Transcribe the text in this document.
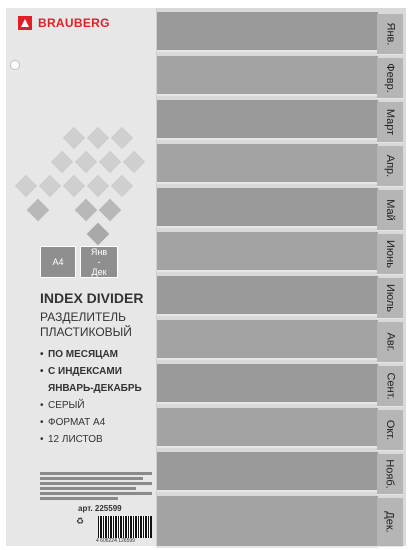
Янв.
Февр.
Март
Апр.
Май
Июнь
Июль
Авг.
Сент.
Окт.
Нояб.
Дек.
BRAUBERG
А4
Янв
-
Дек
INDEX DIVIDER
РАЗДЕЛИТЕЛЬ ПЛАСТИКОВЫЙ
• ПО МЕСЯЦАМ
• С ИНДЕКСАМИ ЯНВАРЬ-ДЕКАБРЬ
• СЕРЫЙ
• ФОРМАТ А4
• 12 ЛИСТОВ
арт. 225599
♻
4 606224 126599
